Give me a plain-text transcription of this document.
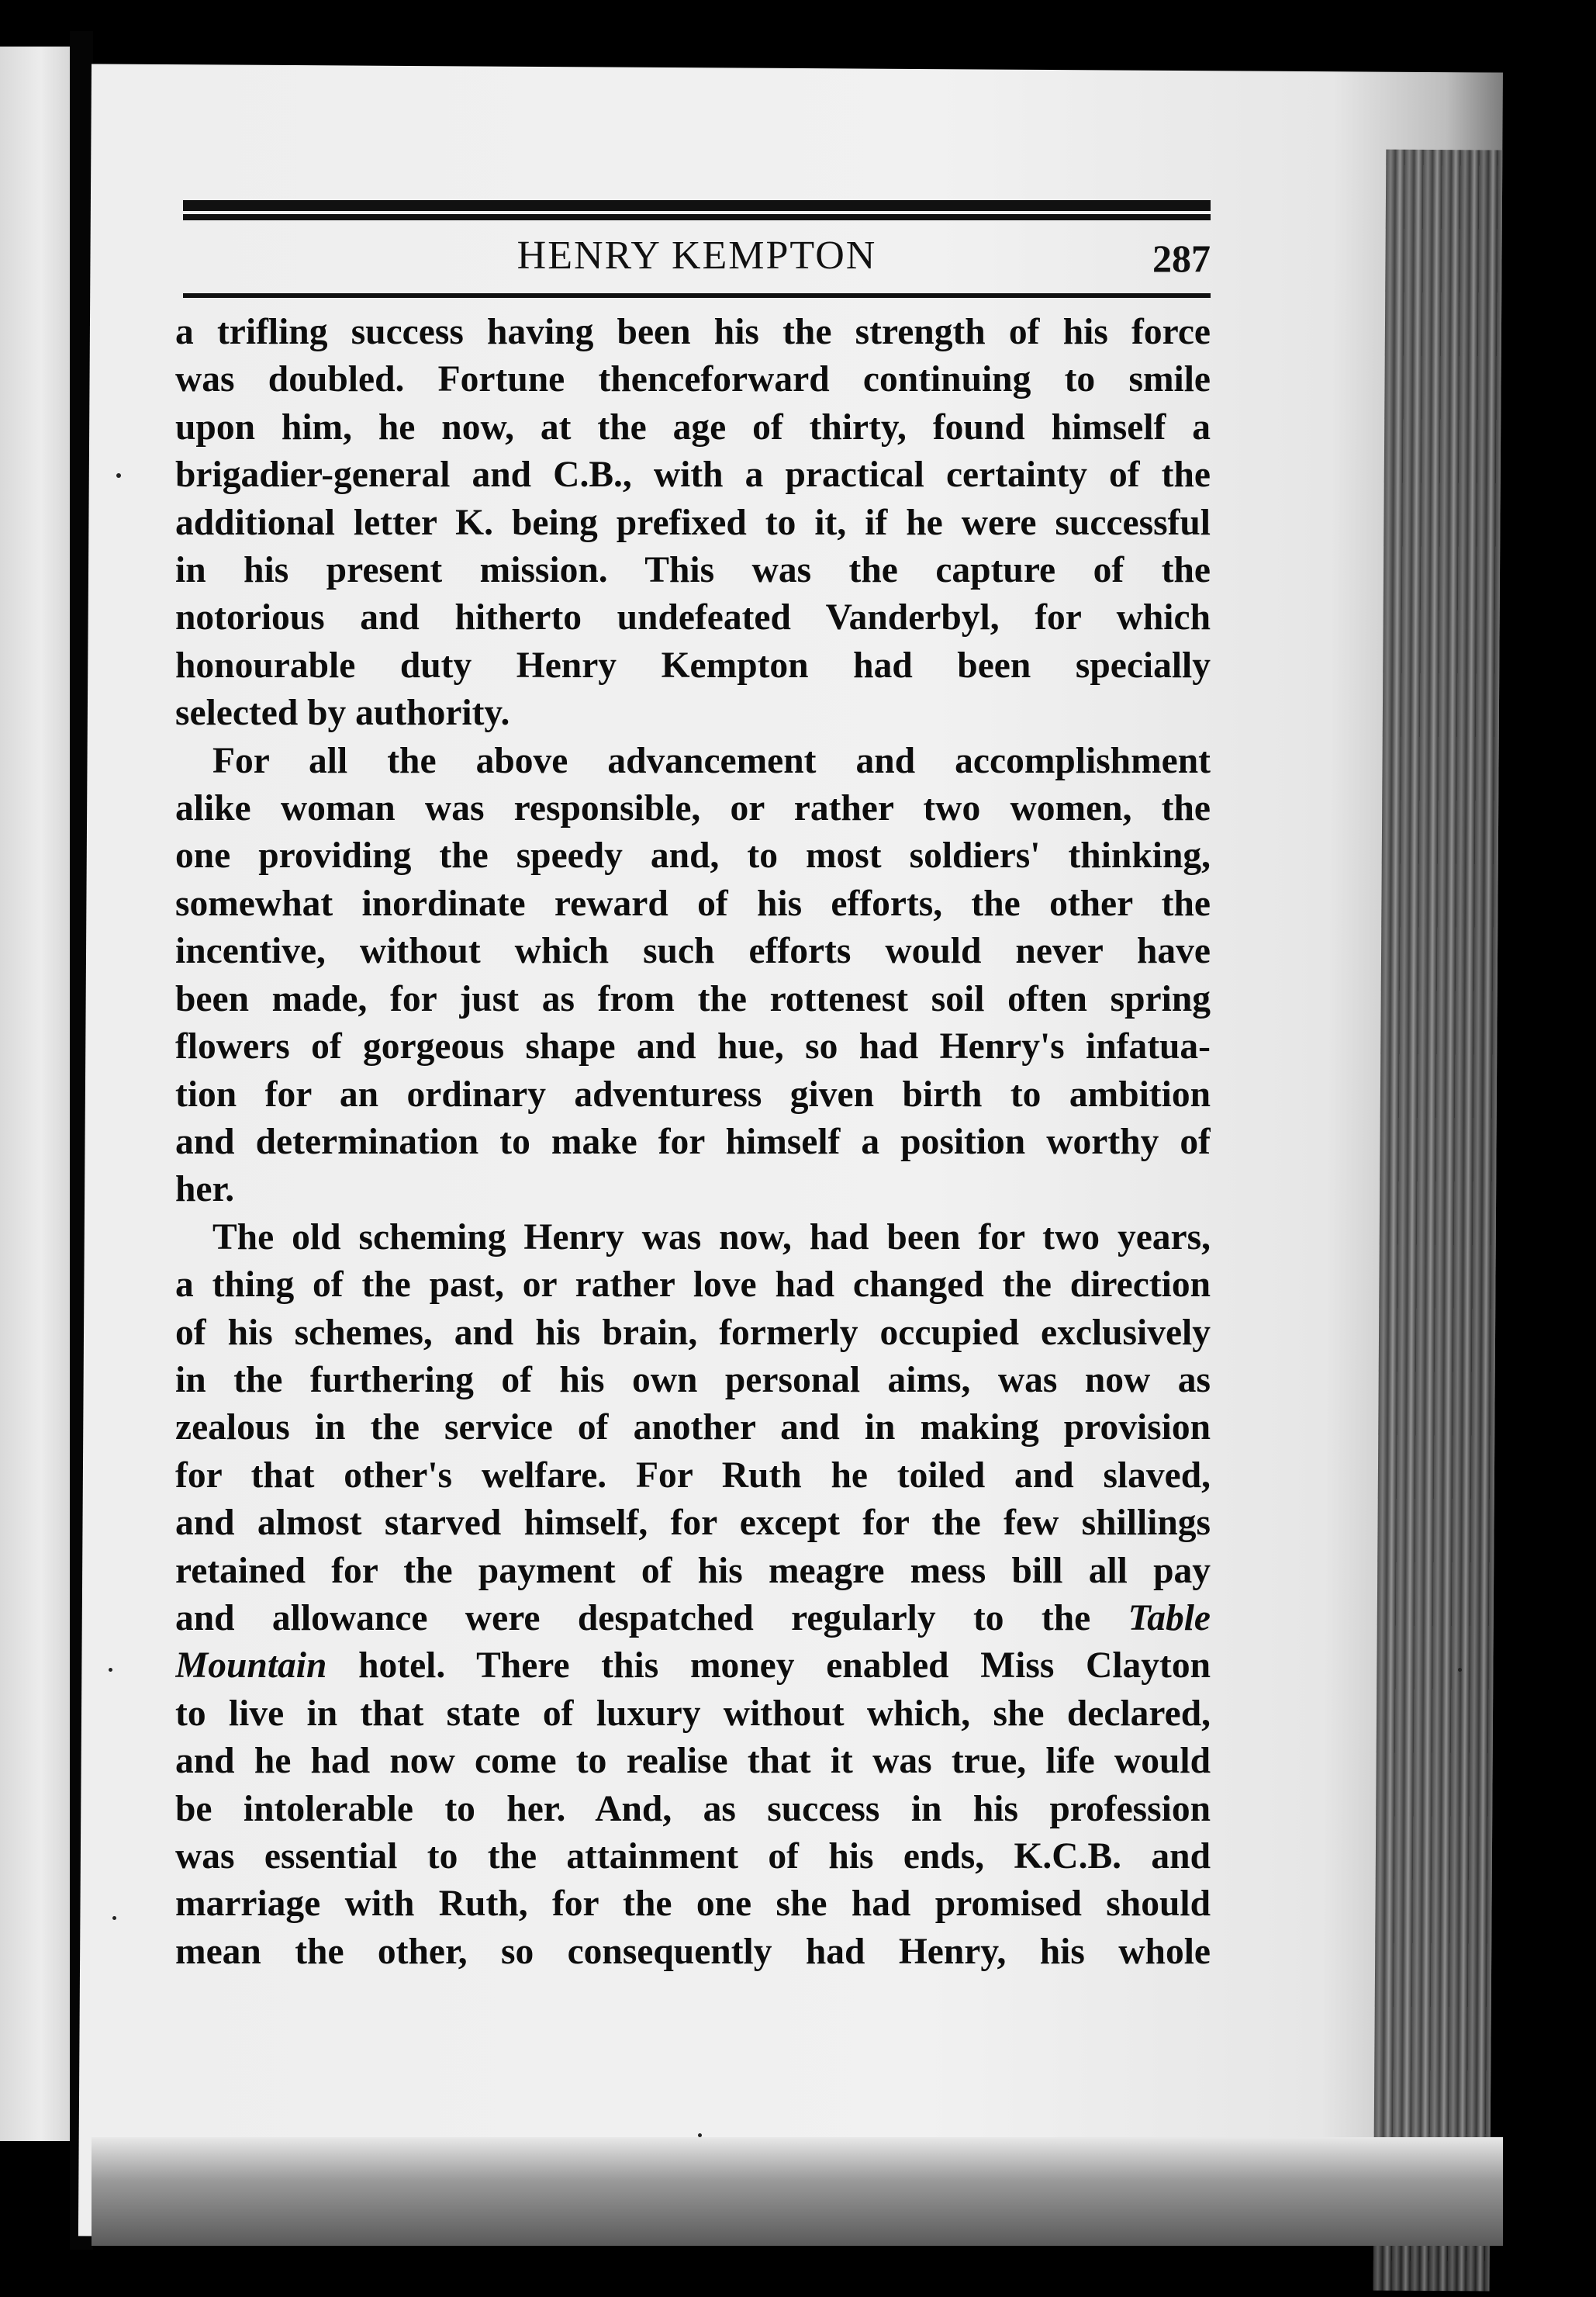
HENRY KEMPTON	287
a trifling success having been his the strength of his force
was doubled. Fortune thenceforward continuing to smile
upon him, he now, at the age of thirty, found himself a
brigadier-general and C.B., with a practical certainty of the
additional letter K. being prefixed to it, if he were successful
in his present mission. This was the capture of the
notorious and hitherto undefeated Vanderbyl, for which
honourable duty Henry Kempton had been specially
selected by authority.
For all the above advancement and accomplishment
alike woman was responsible, or rather two women, the
one providing the speedy and, to most soldiers' thinking,
somewhat inordinate reward of his efforts, the other the
incentive, without which such efforts would never have
been made, for just as from the rottenest soil often spring
flowers of gorgeous shape and hue, so had Henry's infatua-
tion for an ordinary adventuress given birth to ambition
and determination to make for himself a position worthy of
her.
The old scheming Henry was now, had been for two years,
a thing of the past, or rather love had changed the direction
of his schemes, and his brain, formerly occupied exclusively
in the furthering of his own personal aims, was now as
zealous in the service of another and in making provision
for that other's welfare. For Ruth he toiled and slaved,
and almost starved himself, for except for the few shillings
retained for the payment of his meagre mess bill all pay
and allowance were despatched regularly to the Table
Mountain hotel. There this money enabled Miss Clayton
to live in that state of luxury without which, she declared,
and he had now come to realise that it was true, life would
be intolerable to her. And, as success in his profession
was essential to the attainment of his ends, K.C.B. and
marriage with Ruth, for the one she had promised should
mean the other, so consequently had Henry, his whole
